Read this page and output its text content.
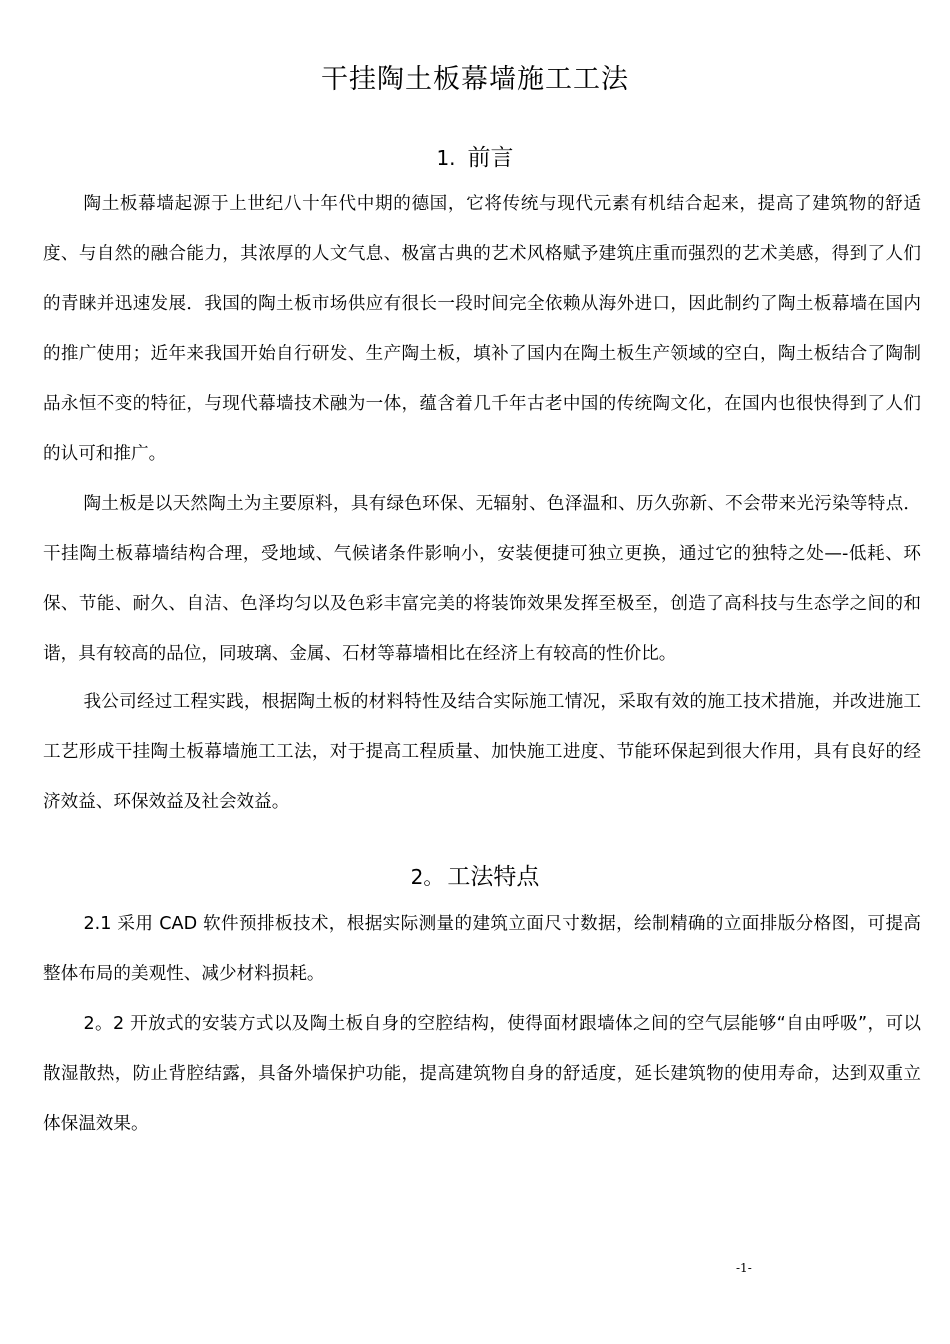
干挂陶土板幕墙施工工法
1. 前言

陶土板幕墙起源于上世纪八十年代中期的德国，它将传统与现代元素有机结合起来，提高了建筑物的舒适度、与自然的融合能力，其浓厚的人文气息、极富古典的艺术风格赋予建筑庄重而强烈的艺术美感，得到了人们的青睐并迅速发展．我国的陶土板市场供应有很长一段时间完全依赖从海外进口，因此制约了陶土板幕墙在国内的推广使用；近年来我国开始自行研发、生产陶土板，填补了国内在陶土板生产领域的空白，陶土板结合了陶制品永恒不变的特征，与现代幕墙技术融为一体，蕴含着几千年古老中国的传统陶文化，在国内也很快得到了人们的认可和推广。

陶土板是以天然陶土为主要原料，具有绿色环保、无辐射、色泽温和、历久弥新、不会带来光污染等特点．干挂陶土板幕墙结构合理，受地域、气候诸条件影响小，安装便捷可独立更换，通过它的独特之处—-低耗、环保、节能、耐久、自洁、色泽均匀以及色彩丰富完美的将装饰效果发挥至极至，创造了高科技与生态学之间的和谐，具有较高的品位，同玻璃、金属、石材等幕墙相比在经济上有较高的性价比。

我公司经过工程实践，根据陶土板的材料特性及结合实际施工情况，采取有效的施工技术措施，并改进施工工艺形成干挂陶土板幕墙施工工法，对于提高工程质量、加快施工进度、节能环保起到很大作用，具有良好的经济效益、环保效益及社会效益。

2。 工法特点

2.1 采用 CAD 软件预排板技术，根据实际测量的建筑立面尺寸数据，绘制精确的立面排版分格图，可提高整体布局的美观性、减少材料损耗。

2。2 开放式的安装方式以及陶土板自身的空腔结构，使得面材跟墙体之间的空气层能够“自由呼吸”，可以散湿散热，防止背腔结露，具备外墙保护功能，提高建筑物自身的舒适度，延长建筑物的使用寿命，达到双重立体保温效果。

-1-
